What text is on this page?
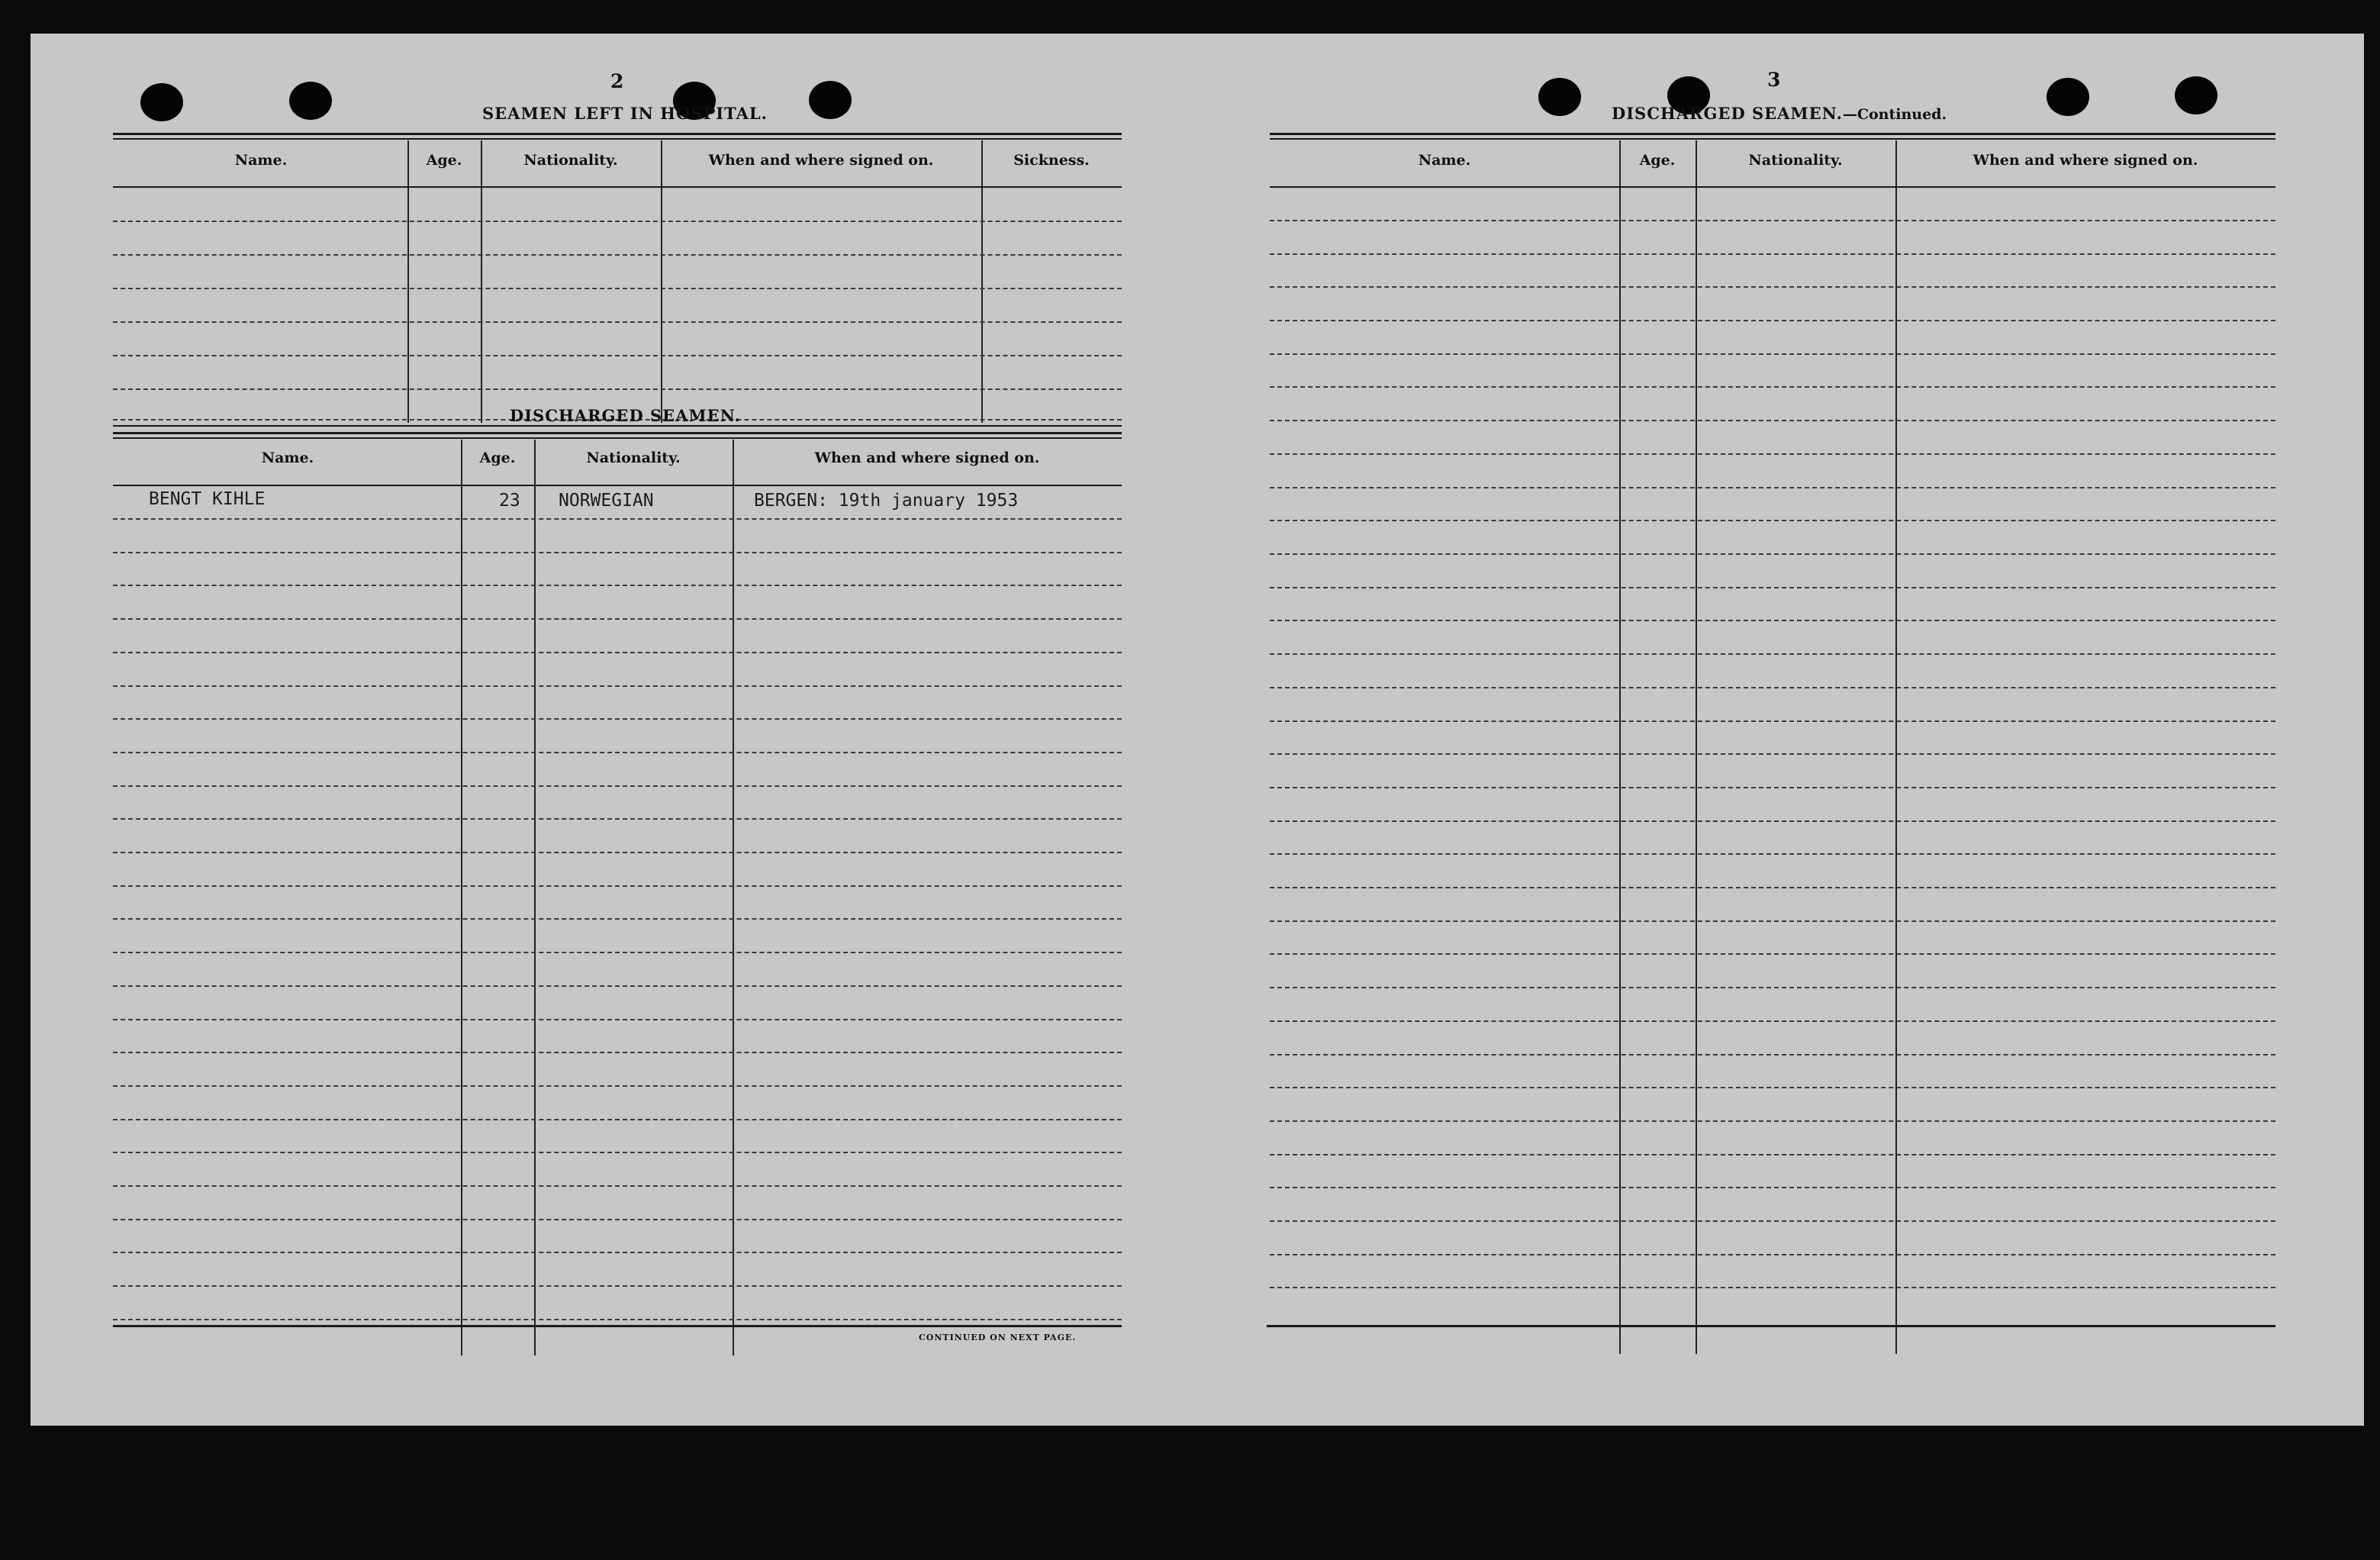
2
SEAMEN LEFT IN HOSPITAL.
Name.	Age.	Nationality.	When and where signed on.	Sickness.
DISCHARGED SEAMEN.
Name.	Age.	Nationality.	When and where signed on.
BENGT KIHLE	23 NORWEGIAN	BERGEN: 19th january 1953
CONTINUED ON NEXT PAGE.
3
DISCHARGED SEAMEN.—Continued.
Name.	Age.	Nationality.	When and where signed on.
